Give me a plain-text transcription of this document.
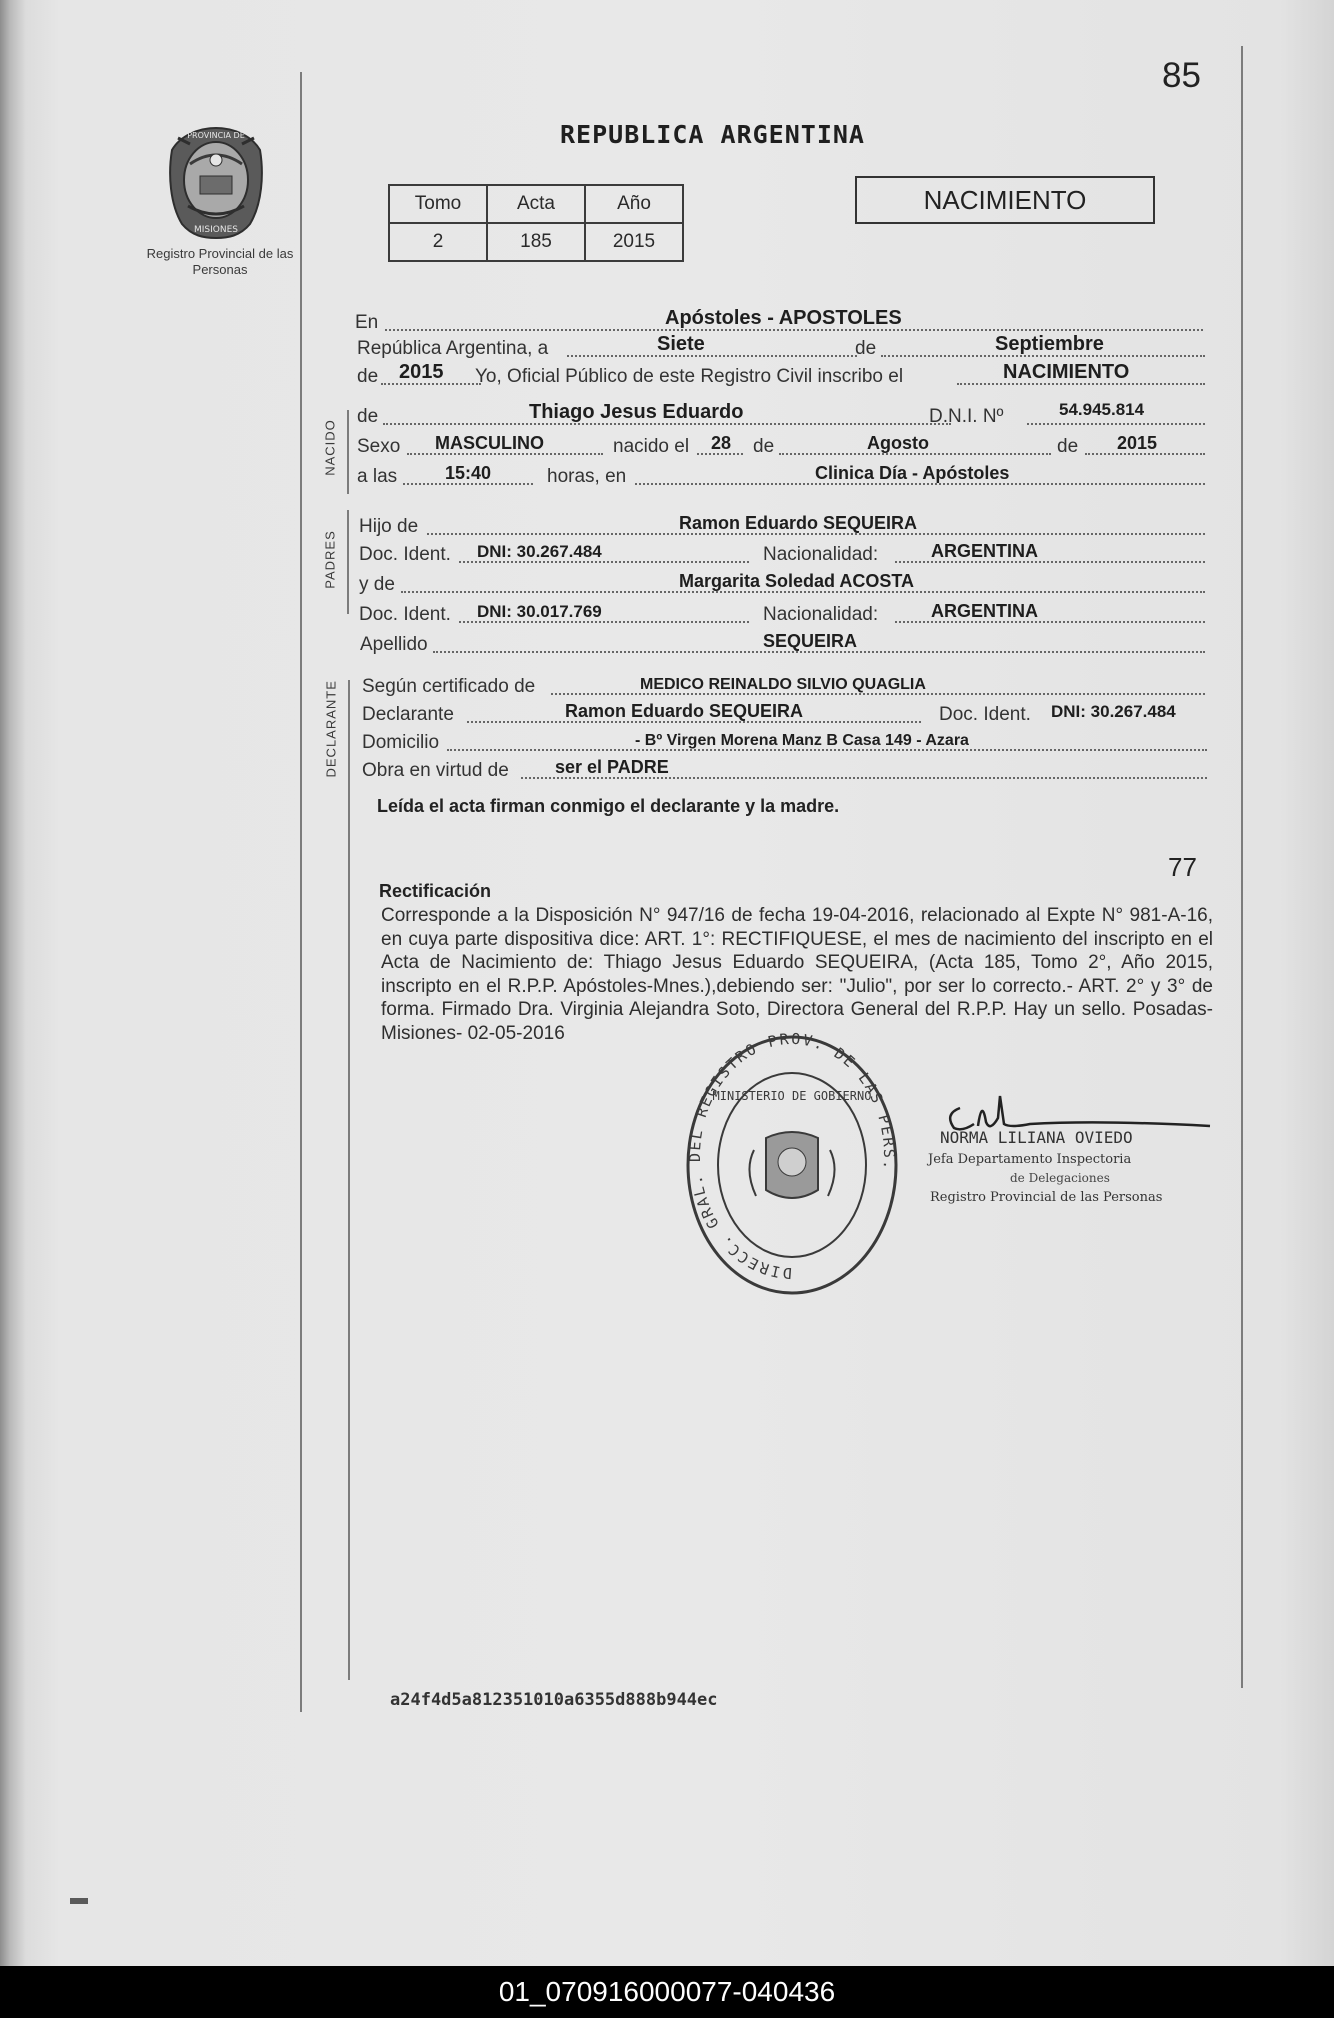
85
PROVINCIA DE
MISIONES
Registro Provincial de las Personas
REPUBLICA ARGENTINA
Tomo	Acta	Año
2	185	2015
NACIMIENTO
NACIDO
PADRES
DECLARANTE
En	Apóstoles - APOSTOLES
República Argentina, a	Siete	de	Septiembre
de 2015 Yo, Oficial Público de este Registro Civil inscribo el	NACIMIENTO
de	Thiago Jesus Eduardo	D.N.I. Nº	54.945.814
Sexo MASCULINO	nacido el 28 de	Agosto	de 2015
a las	15:40	horas, en	Clinica Día - Apóstoles
Hijo de	Ramon Eduardo SEQUEIRA
Doc. Ident. DNI: 30.267.484	Nacionalidad:	ARGENTINA
y de	Margarita Soledad ACOSTA
Doc. Ident. DNI: 30.017.769	Nacionalidad:	ARGENTINA
Apellido	SEQUEIRA
Según certificado de	MEDICO REINALDO SILVIO QUAGLIA
Declarante	Ramon Eduardo SEQUEIRA	Doc. Ident. DNI: 30.267.484
Domicilio	- Bº Virgen Morena Manz B Casa 149 - Azara
Obra en virtud de	ser el PADRE
Leída el acta firman conmigo el declarante y la madre.
77
Rectificación
Corresponde a la Disposición N° 947/16 de fecha 19-04-2016, relacionado al Expte N° 981-A-16, en cuya parte dispositiva dice: ART. 1°: RECTIFIQUESE, el mes de nacimiento del inscripto en el Acta de Nacimiento de: Thiago Jesus Eduardo SEQUEIRA, (Acta 185, Tomo 2°, Año 2015, inscripto en el R.P.P. Apóstoles-Mnes.),debiendo ser: "Julio", por ser lo correcto.- ART. 2° y 3° de forma. Firmado Dra. Virginia Alejandra Soto, Directora General del R.P.P. Hay un sello. Posadas- Misiones- 02-05-2016
DIRECC. GRAL. DEL REGISTRO PROV. DE LAS PERS.
MINISTERIO DE GOBIERNO
NORMA LILIANA OVIEDO
Jefa Departamento Inspectoria
de Delegaciones
Registro Provincial de las Personas
a24f4d5a812351010a6355d888b944ec
01_070916000077-040436
